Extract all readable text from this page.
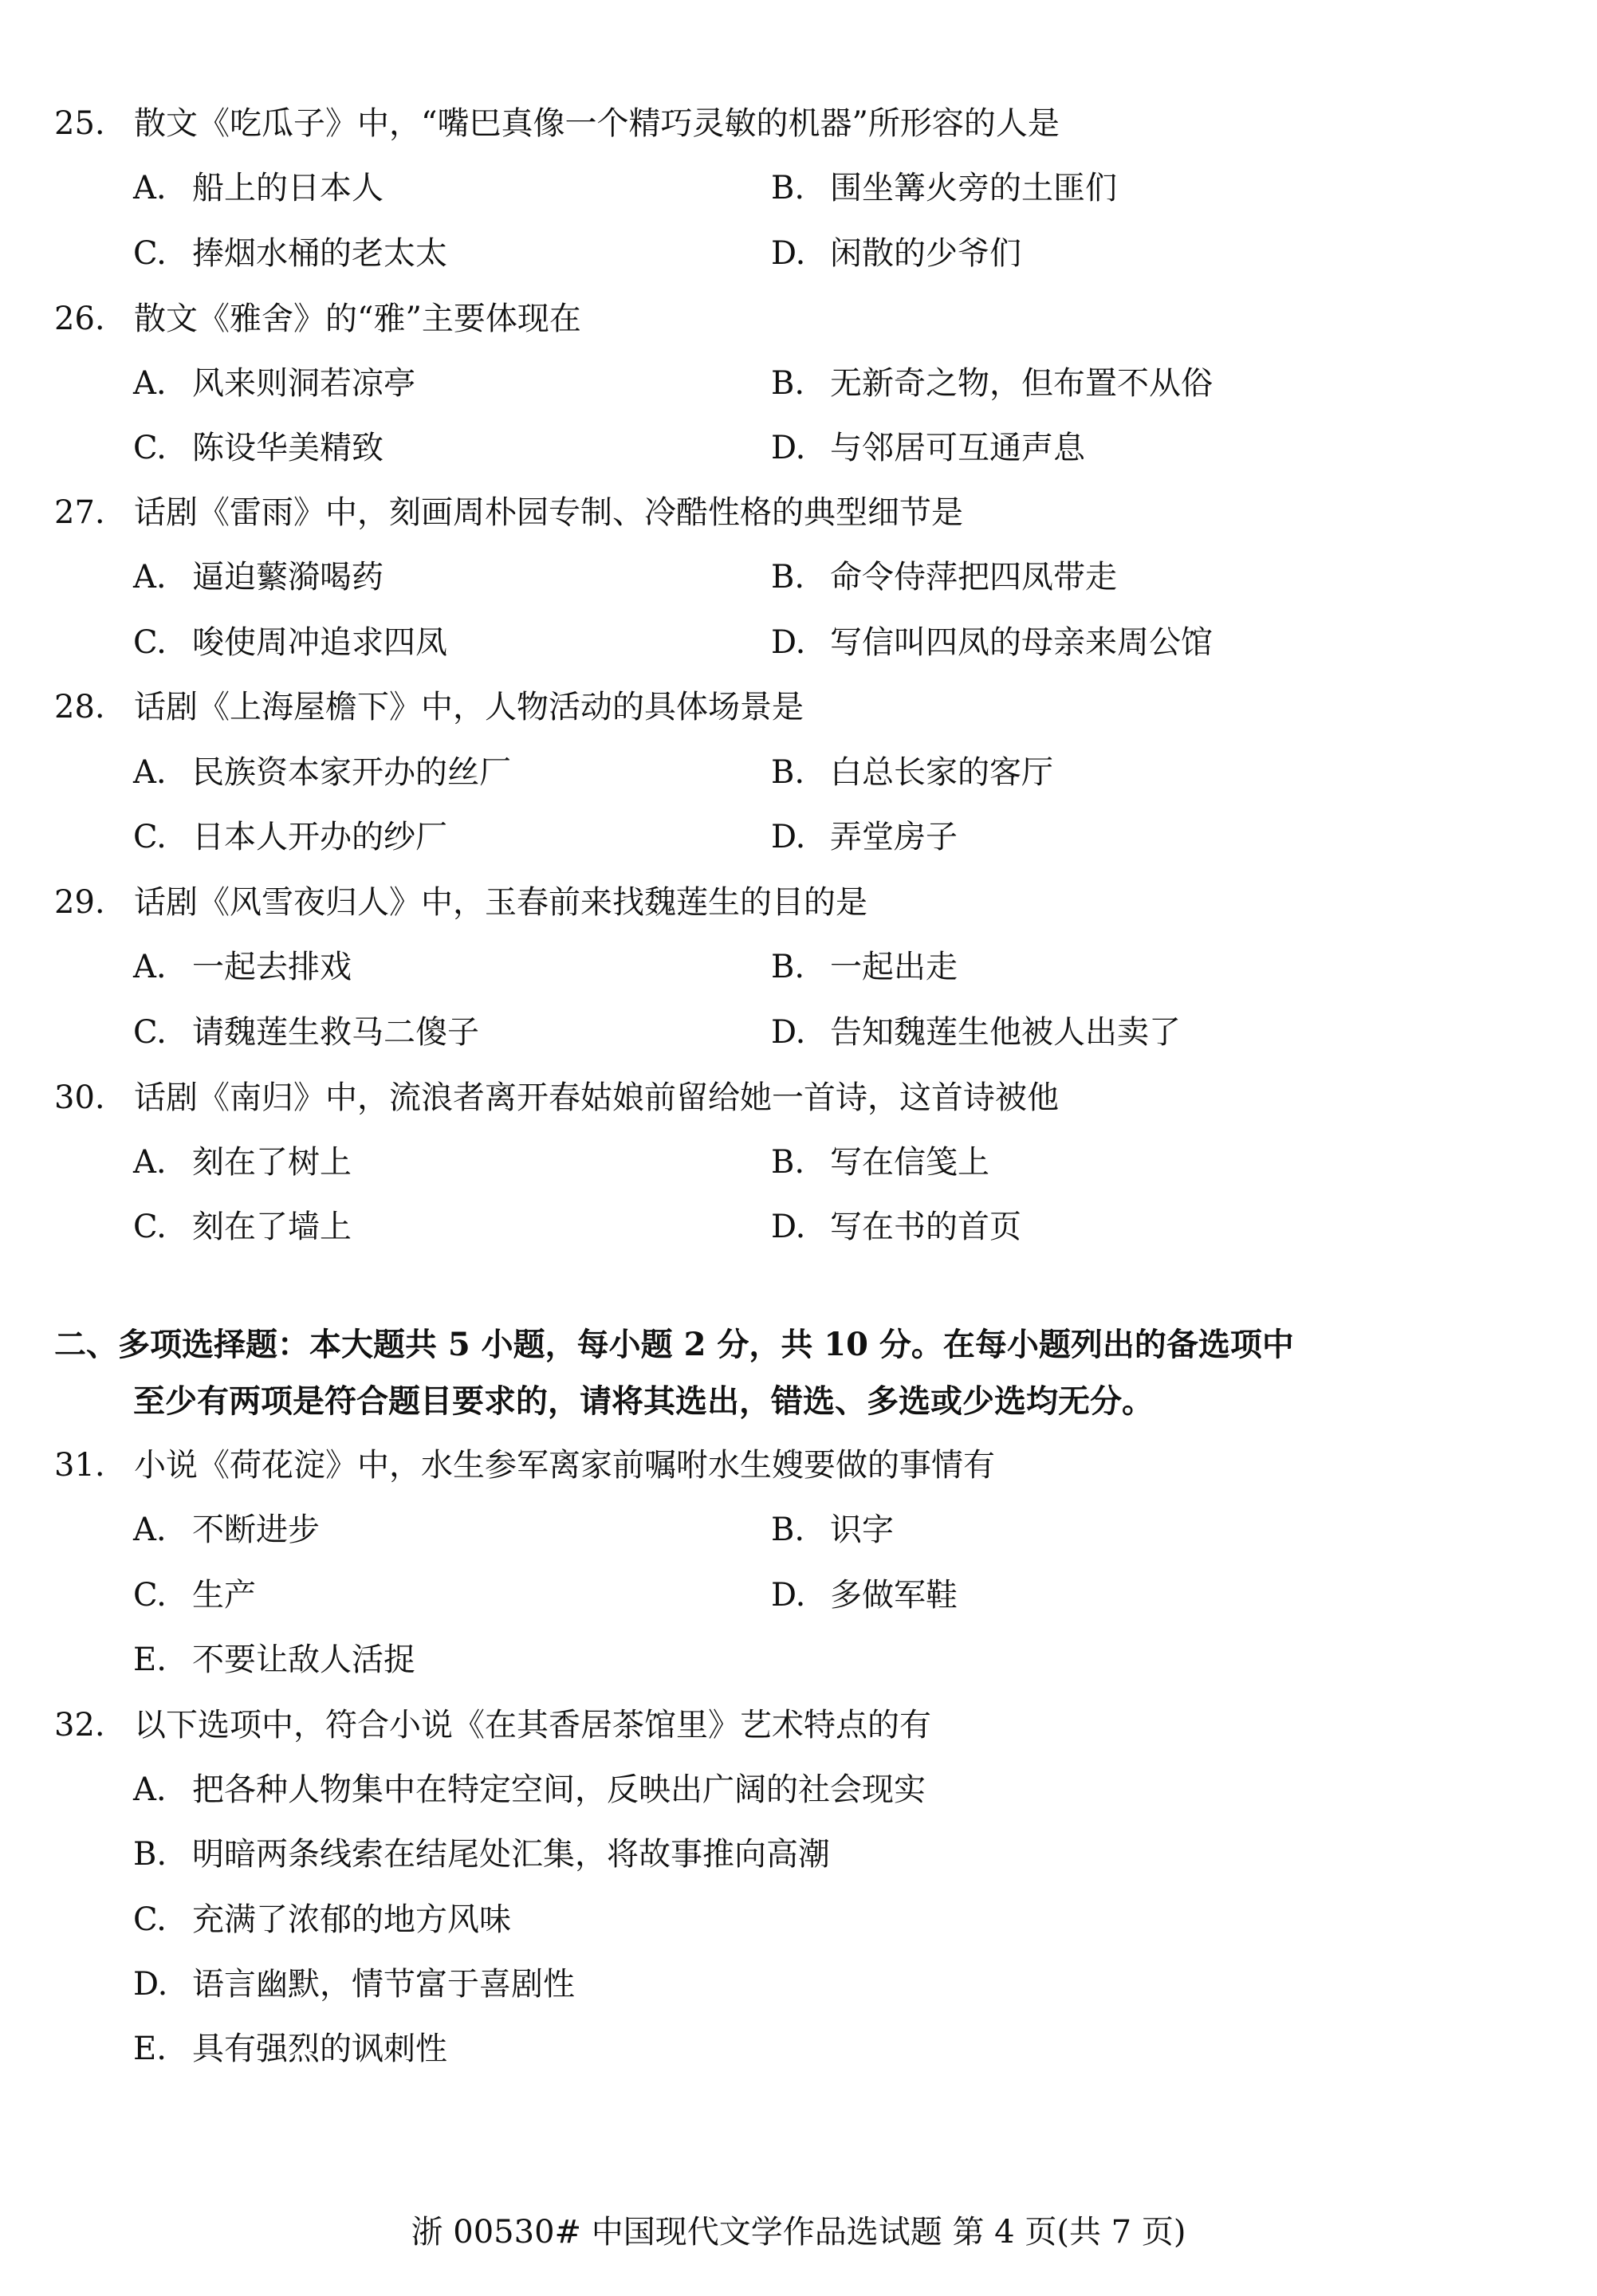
25. 散文《吃瓜子》中，“嘴巴真像一个精巧灵敏的机器”所形容的人是
A. 船上的日本人	B. 围坐篝火旁的土匪们
C. 捧烟水桶的老太太	D. 闲散的少爷们
26. 散文《雅舍》的“雅”主要体现在
A. 风来则洞若凉亭	B. 无新奇之物，但布置不从俗
C. 陈设华美精致	D. 与邻居可互通声息
27. 话剧《雷雨》中，刻画周朴园专制、冷酷性格的典型细节是
A. 逼迫蘩漪喝药	B. 命令侍萍把四凤带走
C. 唆使周冲追求四凤	D. 写信叫四凤的母亲来周公馆
28. 话剧《上海屋檐下》中，人物活动的具体场景是
A. 民族资本家开办的丝厂	B. 白总长家的客厅
C. 日本人开办的纱厂	D. 弄堂房子
29. 话剧《风雪夜归人》中，玉春前来找魏莲生的目的是
A. 一起去排戏	B. 一起出走
C. 请魏莲生救马二傻子	D. 告知魏莲生他被人出卖了
30. 话剧《南归》中，流浪者离开春姑娘前留给她一首诗，这首诗被他
A. 刻在了树上	B. 写在信笺上
C. 刻在了墙上	D. 写在书的首页
二、多项选择题：本大题共 5 小题，每小题 2 分，共 10 分。在每小题列出的备选项中
至少有两项是符合题目要求的，请将其选出，错选、多选或少选均无分。
31. 小说《荷花淀》中，水生参军离家前嘱咐水生嫂要做的事情有
A. 不断进步	B. 识字
C. 生产	D. 多做军鞋
E. 不要让敌人活捉
32. 以下选项中，符合小说《在其香居茶馆里》艺术特点的有
A. 把各种人物集中在特定空间，反映出广阔的社会现实
B. 明暗两条线索在结尾处汇集，将故事推向高潮
C. 充满了浓郁的地方风味
D. 语言幽默，情节富于喜剧性
E. 具有强烈的讽刺性
浙 00530# 中国现代文学作品选试题 第 4 页(共 7 页)
